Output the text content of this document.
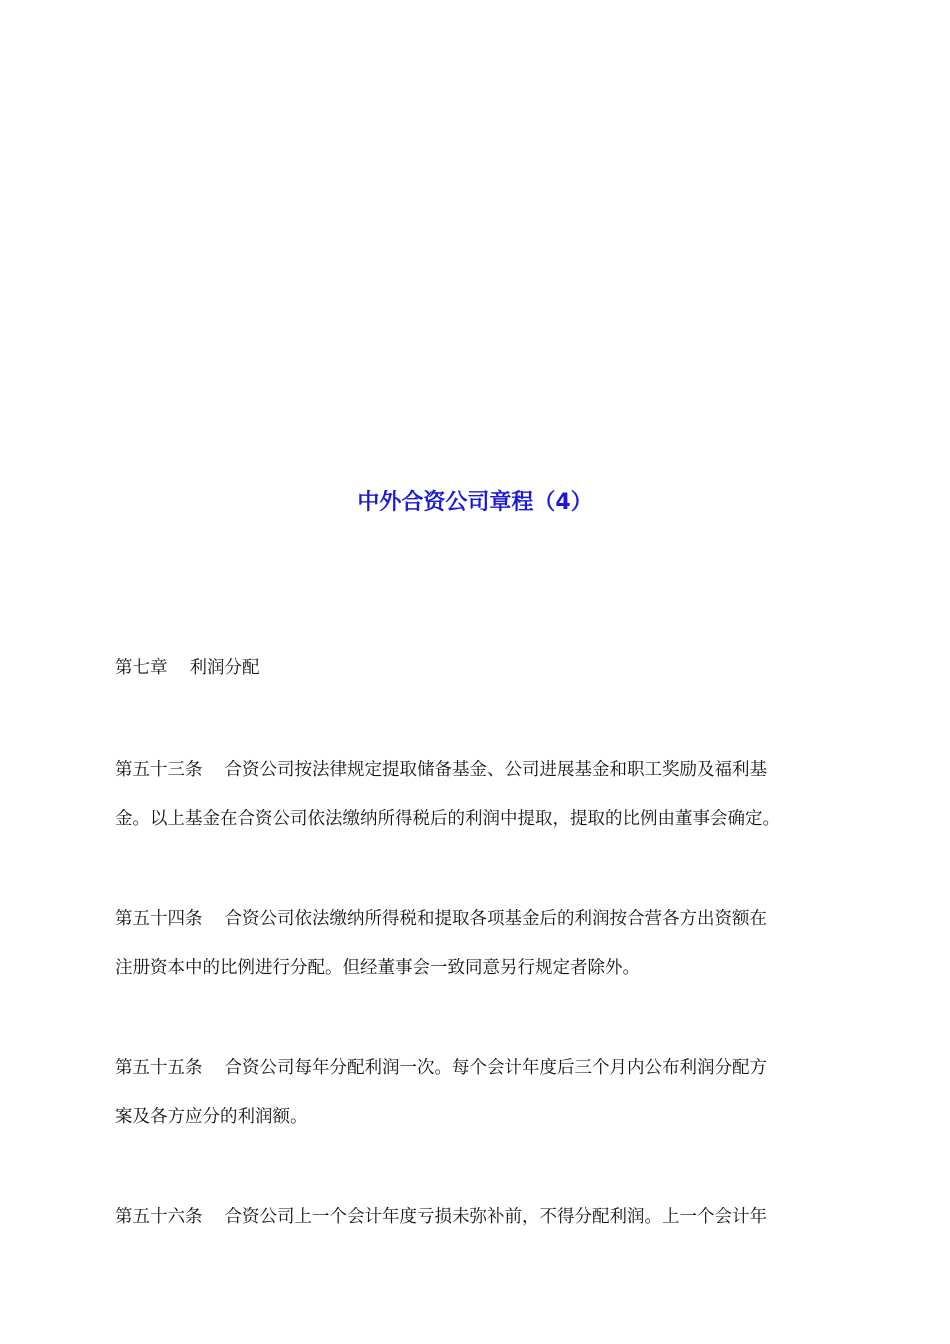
中外合资公司章程（4）

第七章 利润分配

第五十三条 合资公司按法律规定提取储备基金、公司进展基金和职工奖励及福利基

金。以上基金在合资公司依法缴纳所得税后的利润中提取，提取的比例由董事会确定。

第五十四条 合资公司依法缴纳所得税和提取各项基金后的利润按合营各方出资额在

注册资本中的比例进行分配。但经董事会一致同意另行规定者除外。

第五十五条 合资公司每年分配利润一次。每个会计年度后三个月内公布利润分配方

案及各方应分的利润额。

第五十六条 合资公司上一个会计年度亏损未弥补前，不得分配利润。上一个会计年
